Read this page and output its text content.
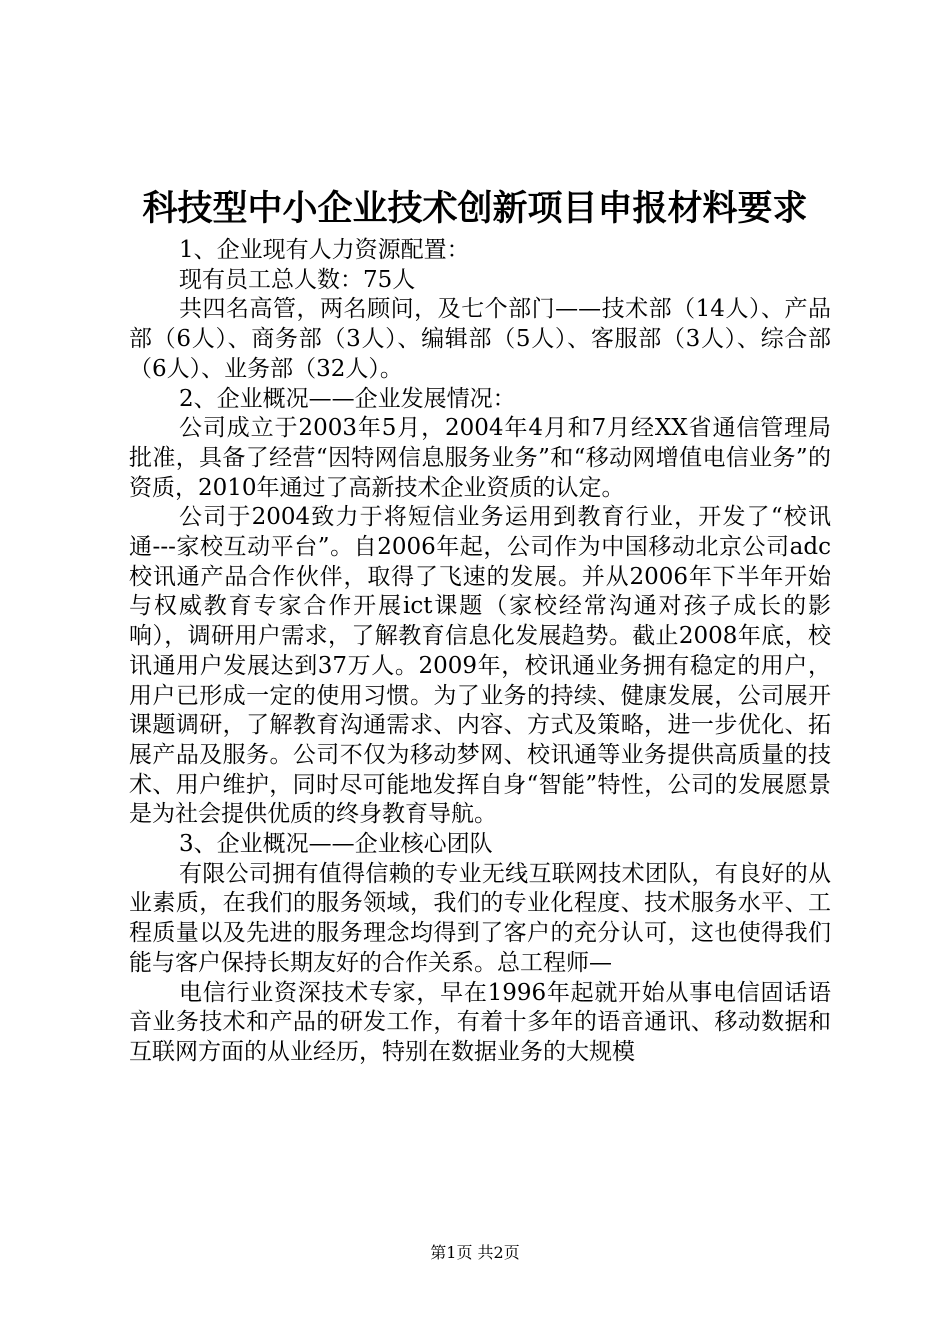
科技型中小企业技术创新项目申报材料要求

1、企业现有人力资源配置：

现有员工总人数：75人

共四名高管，两名顾问，及七个部门——技术部（14人）、产品部（6人）、商务部（3人）、编辑部（5人）、客服部（3人）、综合部（6人）、业务部（32人）。

2、企业概况——企业发展情况：

公司成立于2003年5月，2004年4月和7月经XX省通信管理局批准，具备了经营“因特网信息服务业务”和“移动网增值电信业务”的资质，2010年通过了高新技术企业资质的认定。

公司于2004致力于将短信业务运用到教育行业，开发了“校讯通---家校互动平台”。自2006年起，公司作为中国移动北京公司adc校讯通产品合作伙伴，取得了飞速的发展。并从2006年下半年开始与权威教育专家合作开展ict课题（家校经常沟通对孩子成长的影响），调研用户需求，了解教育信息化发展趋势。截止2008年底，校讯通用户发展达到37万人。2009年，校讯通业务拥有稳定的用户，用户已形成一定的使用习惯。为了业务的持续、健康发展，公司展开课题调研，了解教育沟通需求、内容、方式及策略，进一步优化、拓展产品及服务。公司不仅为移动梦网、校讯通等业务提供高质量的技术、用户维护，同时尽可能地发挥自身“智能”特性，公司的发展愿景是为社会提供优质的终身教育导航。

3、企业概况——企业核心团队

有限公司拥有值得信赖的专业无线互联网技术团队，有良好的从业素质，在我们的服务领域，我们的专业化程度、技术服务水平、工程质量以及先进的服务理念均得到了客户的充分认可，这也使得我们能与客户保持长期友好的合作关系。总工程师—

电信行业资深技术专家，早在1996年起就开始从事电信固话语音业务技术和产品的研发工作，有着十多年的语音通讯、移动数据和互联网方面的从业经历，特别在数据业务的大规模

第1页 共2页
